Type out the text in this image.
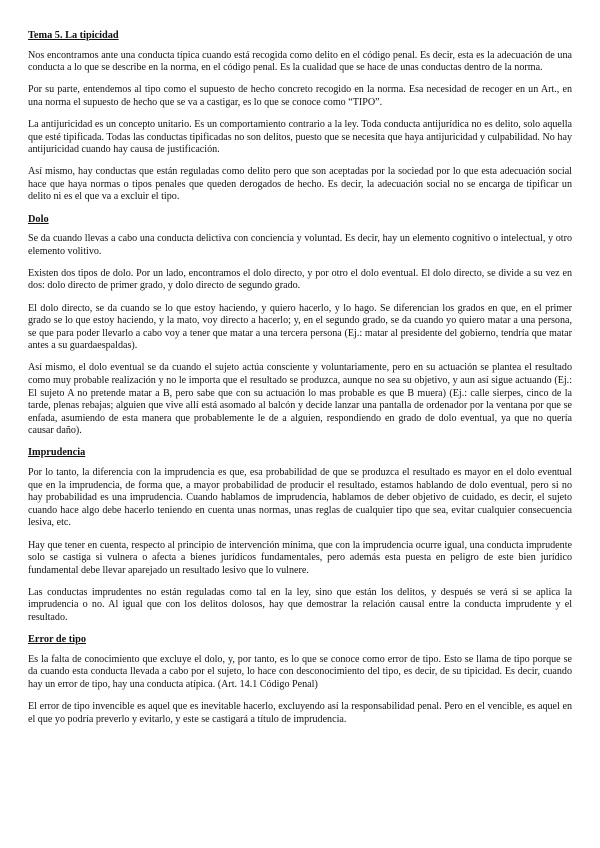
Tema 5. La tipicidad

Nos encontramos ante una conducta típica cuando está recogida como delito en el código penal. Es decir, esta es la adecuación de una conducta a lo que se describe en la norma, en el código penal. Es la cualidad que se hace de unas conductas dentro de la norma.

Por su parte, entendemos al tipo como el supuesto de hecho concreto recogido en la norma. Esa necesidad de recoger en un Art., en una norma el supuesto de hecho que se va a castigar, es lo que se conoce como “TIPO”.

La antijuricidad es un concepto unitario. Es un comportamiento contrario a la ley. Toda conducta antijurídica no es delito, solo aquella que esté tipificada. Todas las conductas tipificadas no son delitos, puesto que se necesita que haya antijuricidad y culpabilidad. No hay antijuricidad cuando hay causa de justificación.

Así mismo, hay conductas que están reguladas como delito pero que son aceptadas por la sociedad por lo que esta adecuación social hace que haya normas o tipos penales que queden derogados de hecho. Es decir, la adecuación social no se encarga de tipificar un delito ni es el que va a excluir el tipo.

Dolo

Se da cuando llevas a cabo una conducta delictiva con conciencia y voluntad. Es decir, hay un elemento cognitivo o intelectual, y otro elemento volitivo.

Existen dos tipos de dolo. Por un lado, encontramos el dolo directo, y por otro el dolo eventual. El dolo directo, se divide a su vez en dos: dolo directo de primer grado, y dolo directo de segundo grado.

El dolo directo, se da cuando se lo que estoy haciendo, y quiero hacerlo, y lo hago. Se diferencian los grados en que, en el primer grado se lo que estoy haciendo, y la mato, voy directo a hacerlo; y, en el segundo grado, se da cuando yo quiero matar a una persona, se que para poder llevarlo a cabo voy a tener que matar a una tercera persona (Ej.: matar al presidente del gobierno, tendría que matar antes a su guardaespaldas).

Así mismo, el dolo eventual se da cuando el sujeto actúa consciente y voluntariamente, pero en su actuación se plantea el resultado como muy probable realización y no le importa que el resultado se produzca, aunque no sea su objetivo, y aun así sigue actuando (Ej.: El sujeto A no pretende matar a B, pero sabe que con su actuación lo mas probable es que B muera) (Ej.: calle sierpes, cinco de la tarde, plenas rebajas; alguien que vive allí está asomado al balcón y decide lanzar una pantalla de ordenador por la ventana por que se enfada, asumiendo de esta manera que probablemente le de a alguien, respondiendo en grado de dolo eventual, ya que no quería causar daño).

Imprudencia

Por lo tanto, la diferencia con la imprudencia es que, esa probabilidad de que se produzca el resultado es mayor en el dolo eventual que en la imprudencia, de forma que, a mayor probabilidad de producir el resultado, estamos hablando de dolo eventual, pero si no hay probabilidad es una imprudencia. Cuando hablamos de imprudencia, hablamos de deber objetivo de cuidado, es decir, el sujeto cuando hace algo debe hacerlo teniendo en cuenta unas normas, unas reglas de cualquier tipo que sea, evitar cualquier consecuencia lesiva, etc.

Hay que tener en cuenta, respecto al principio de intervención mínima, que con la imprudencia ocurre igual, una conducta imprudente solo se castiga si vulnera o afecta a bienes jurídicos fundamentales, pero además esta puesta en peligro de este bien jurídico fundamental debe llevar aparejado un resultado lesivo que lo vulnere.

Las conductas imprudentes no están reguladas como tal en la ley, sino que están los delitos, y después se verá si se aplica la imprudencia o no. Al igual que con los delitos dolosos, hay que demostrar la relación causal entre la conducta imprudente y el resultado.

Error de tipo

Es la falta de conocimiento que excluye el dolo, y, por tanto, es lo que se conoce como error de tipo. Esto se llama de tipo porque se da cuando esta conducta llevada a cabo por el sujeto, lo hace con desconocimiento del tipo, es decir, de su tipicidad. Es decir, cuando hay un error de tipo, hay una conducta atípica. (Art. 14.1 Código Penal)

El error de tipo invencible es aquel que es inevitable hacerlo, excluyendo así la responsabilidad penal. Pero en el vencible, es aquel en el que yo podría preverlo y evitarlo, y este se castigará a título de imprudencia.
